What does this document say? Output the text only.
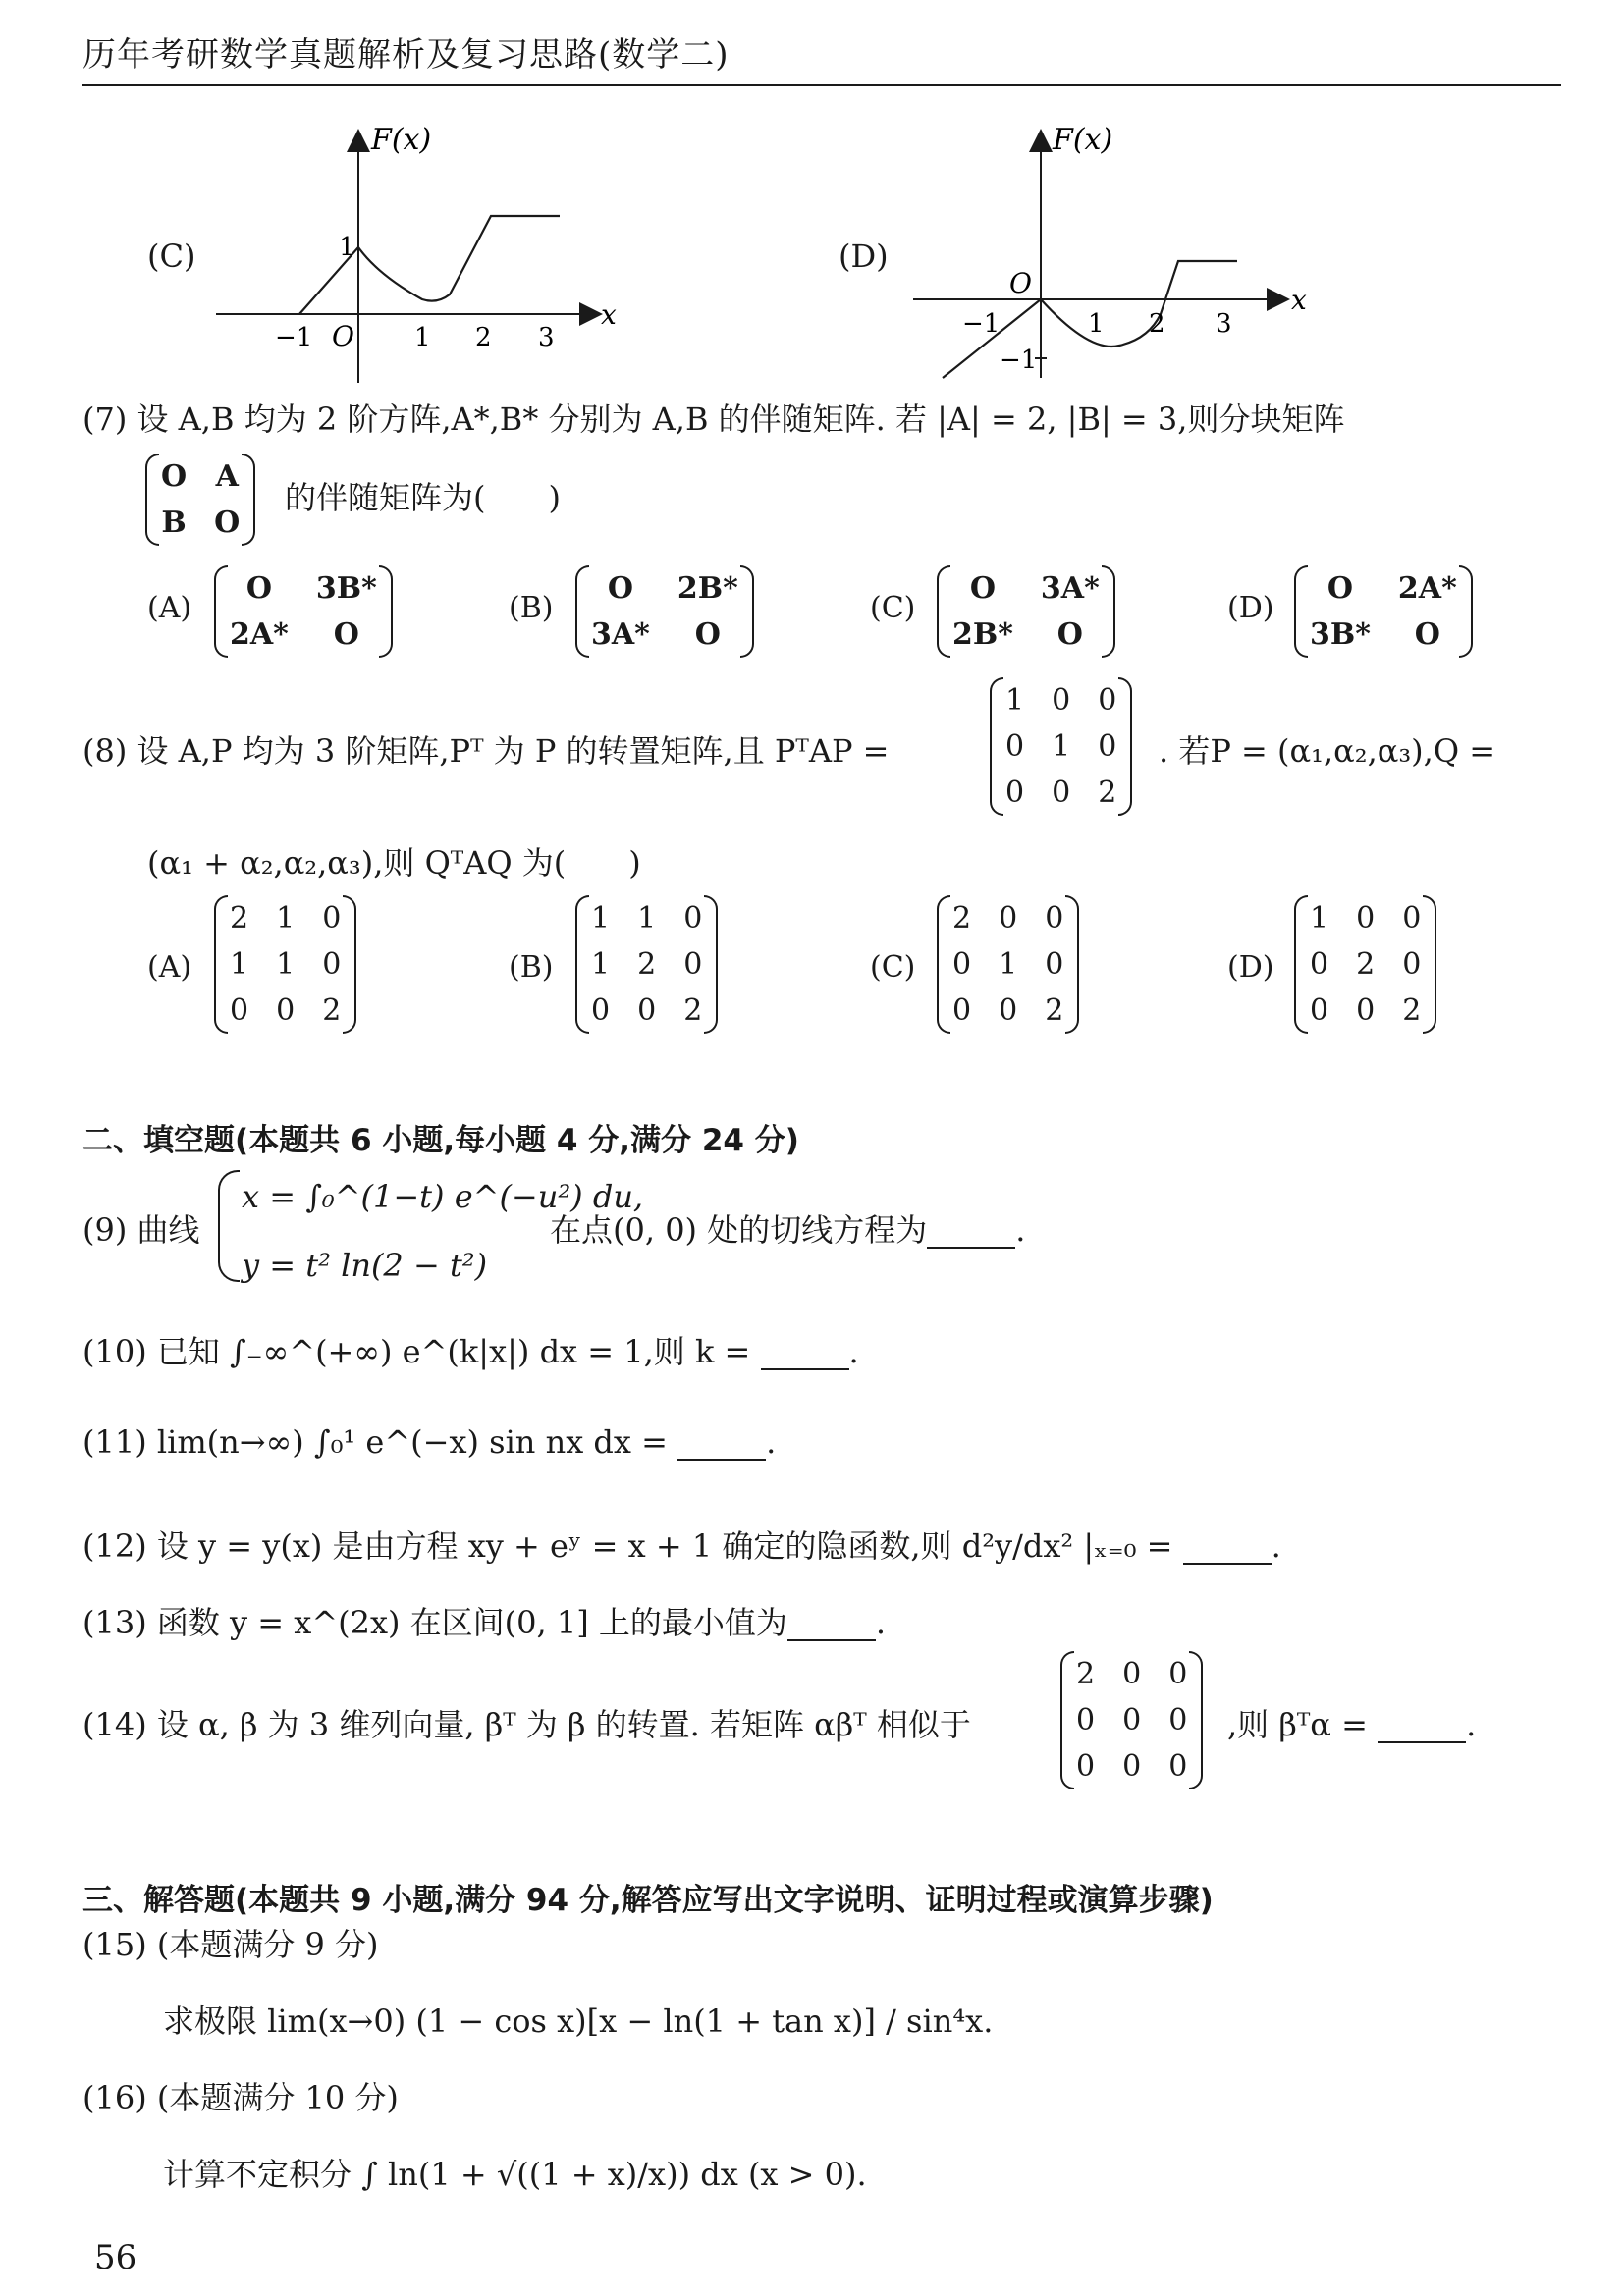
历年考研数学真题解析及复习思路(数学二)
(C)
F(x)
x
O
−1	1 2 3
1	(D)
F(x)
x
O
−1	1 2 3
−1
(7) 设 A,B 均为 2 阶方阵,A*,B* 分别为 A,B 的伴随矩阵. 若 |A| = 2, |B| = 3,则分块矩阵
O	A
B	O
的伴随矩阵为(　　)
(A)
O	3B*
2A*	O
(B)
O	2B*
3A*	O
(C)
O	3A*
2B*	O
(D)
O	2A*
3B*	O
(8) 设 A,P 均为 3 阶矩阵,Pᵀ 为 P 的转置矩阵,且 PᵀAP =
1	0	0
0	1	0
0	0	2
. 若P = (α₁,α₂,α₃),Q =
(α₁ + α₂,α₂,α₃),则 QᵀAQ 为(　　)
(A)
2	1	0
1	1	0
0	0	2
(B)
1	1	0
1	2	0
0	0	2
(C)
2	0	0
0	1	0
0	0	2
(D)
1	0	0
0	2	0
0	0	2
二、填空题(本题共 6 小题,每小题 4 分,满分 24 分)
(9) 曲线
x = ∫₀^(1−t) e^(−u²) du,
y = t² ln(2 − t²)
在点(0, 0) 处的切线方程为	.
(10) 已知 ∫₋∞^(+∞) e^(k|x|) dx = 1,则 k =	.
(11) lim(n→∞) ∫₀¹ e^(−x) sin nx dx =	.
(12) 设 y = y(x) 是由方程 xy + eʸ = x + 1 确定的隐函数,则 d²y/dx² |ₓ₌₀ =	.
(13) 函数 y = x^(2x) 在区间(0, 1] 上的最小值为	.
(14) 设 α, β 为 3 维列向量, βᵀ 为 β 的转置. 若矩阵 αβᵀ 相似于
2	0	0
0	0	0
0	0	0
,则 βᵀα =	.
三、解答题(本题共 9 小题,满分 94 分,解答应写出文字说明、证明过程或演算步骤)
(15) (本题满分 9 分)
求极限 lim(x→0) (1 − cos x)[x − ln(1 + tan x)] / sin⁴x.
(16) (本题满分 10 分)
计算不定积分 ∫ ln(1 + √((1 + x)/x)) dx (x > 0).
56
